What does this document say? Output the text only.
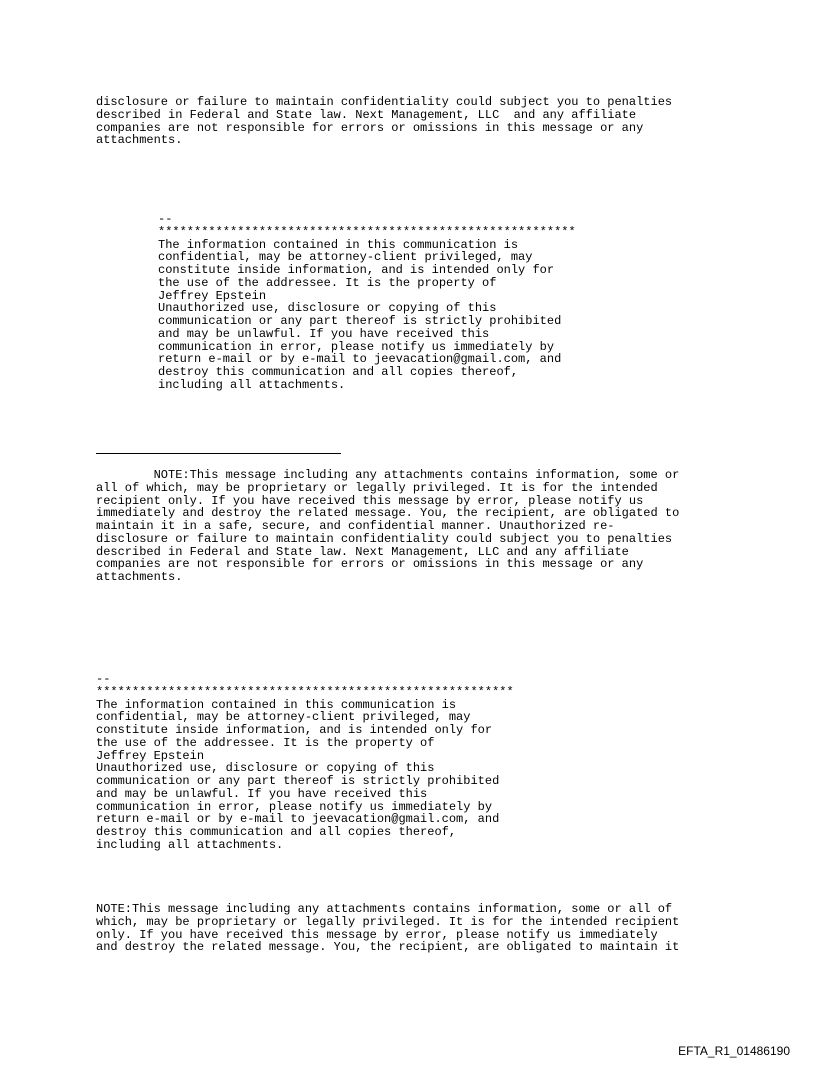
disclosure or failure to maintain confidentiality could subject you to penalties
described in Federal and State law. Next Management, LLC  and any affiliate
companies are not responsible for errors or omissions in this message or any
attachments.
--
**********************************************************
The information contained in this communication is
confidential, may be attorney-client privileged, may
constitute inside information, and is intended only for
the use of the addressee. It is the property of
Jeffrey Epstein
Unauthorized use, disclosure or copying of this
communication or any part thereof is strictly prohibited
and may be unlawful. If you have received this
communication in error, please notify us immediately by
return e-mail or by e-mail to jeevacation@gmail.com, and
destroy this communication and all copies thereof,
including all attachments.
NOTE:This message including any attachments contains information, some or
all of which, may be proprietary or legally privileged. It is for the intended
recipient only. If you have received this message by error, please notify us
immediately and destroy the related message. You, the recipient, are obligated to
maintain it in a safe, secure, and confidential manner. Unauthorized re-
disclosure or failure to maintain confidentiality could subject you to penalties
described in Federal and State law. Next Management, LLC and any affiliate
companies are not responsible for errors or omissions in this message or any
attachments.
--
**********************************************************
The information contained in this communication is
confidential, may be attorney-client privileged, may
constitute inside information, and is intended only for
the use of the addressee. It is the property of
Jeffrey Epstein
Unauthorized use, disclosure or copying of this
communication or any part thereof is strictly prohibited
and may be unlawful. If you have received this
communication in error, please notify us immediately by
return e-mail or by e-mail to jeevacation@gmail.com, and
destroy this communication and all copies thereof,
including all attachments.
NOTE:This message including any attachments contains information, some or all of
which, may be proprietary or legally privileged. It is for the intended recipient
only. If you have received this message by error, please notify us immediately
and destroy the related message. You, the recipient, are obligated to maintain it
EFTA_R1_01486190
